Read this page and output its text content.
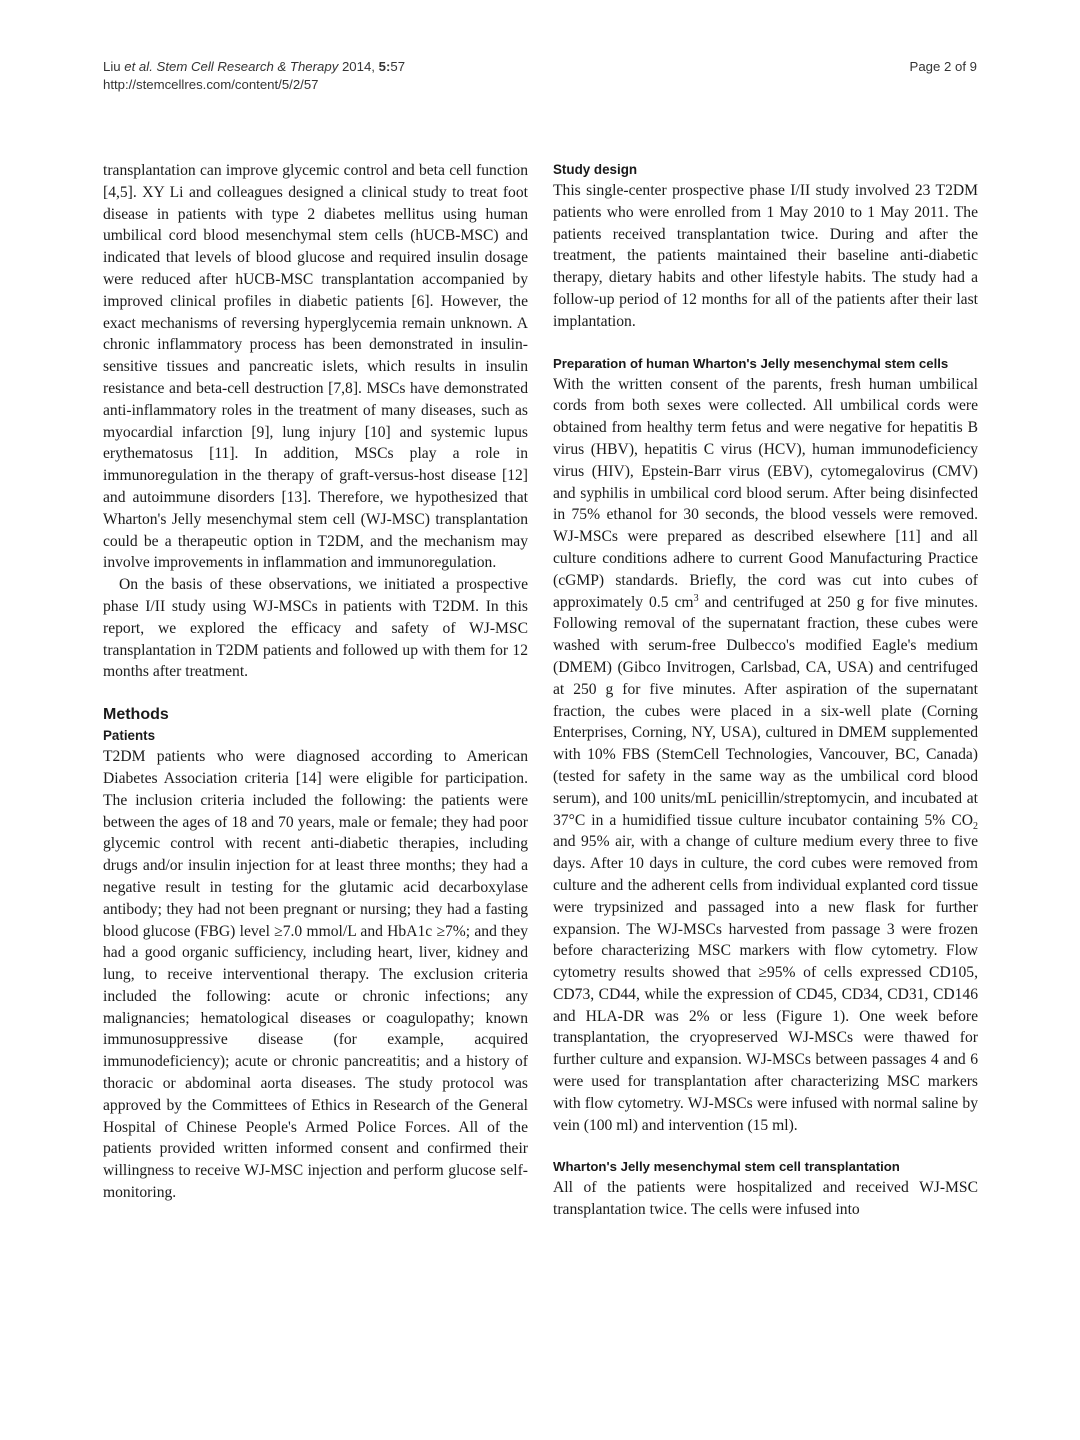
Liu et al. Stem Cell Research & Therapy 2014, 5:57
http://stemcellres.com/content/5/2/57
Page 2 of 9

transplantation can improve glycemic control and beta cell function [4,5]. XY Li and colleagues designed a clinical study to treat foot disease in patients with type 2 diabetes mellitus using human umbilical cord blood mesenchymal stem cells (hUCB-MSC) and indicated that levels of blood glucose and required insulin dosage were reduced after hUCB-MSC transplantation accompanied by improved clinical profiles in diabetic patients [6]. However, the exact mechanisms of reversing hyperglycemia remain unknown. A chronic inflammatory process has been demonstrated in insulin-sensitive tissues and pancreatic islets, which results in insulin resistance and beta-cell destruction [7,8]. MSCs have demonstrated anti-inflammatory roles in the treatment of many diseases, such as myocardial infarction [9], lung injury [10] and systemic lupus erythematosus [11]. In addition, MSCs play a role in immunoregulation in the therapy of graft-versus-host disease [12] and autoimmune disorders [13]. Therefore, we hypothesized that Wharton's Jelly mesenchymal stem cell (WJ-MSC) transplantation could be a therapeutic option in T2DM, and the mechanism may involve improvements in inflammation and immunoregulation.

On the basis of these observations, we initiated a prospective phase I/II study using WJ-MSCs in patients with T2DM. In this report, we explored the efficacy and safety of WJ-MSC transplantation in T2DM patients and followed up with them for 12 months after treatment.

Methods
Patients

T2DM patients who were diagnosed according to American Diabetes Association criteria [14] were eligible for participation. The inclusion criteria included the following: the patients were between the ages of 18 and 70 years, male or female; they had poor glycemic control with recent anti-diabetic therapies, including drugs and/or insulin injection for at least three months; they had a negative result in testing for the glutamic acid decarboxylase antibody; they had not been pregnant or nursing; they had a fasting blood glucose (FBG) level ≥7.0 mmol/L and HbA1c ≥7%; and they had a good organic sufficiency, including heart, liver, kidney and lung, to receive interventional therapy. The exclusion criteria included the following: acute or chronic infections; any malignancies; hematological diseases or coagulopathy; known immunosuppressive disease (for example, acquired immunodeficiency); acute or chronic pancreatitis; and a history of thoracic or abdominal aorta diseases. The study protocol was approved by the Committees of Ethics in Research of the General Hospital of Chinese People's Armed Police Forces. All of the patients provided written informed consent and confirmed their willingness to receive WJ-MSC injection and perform glucose self-monitoring.

Study design

This single-center prospective phase I/II study involved 23 T2DM patients who were enrolled from 1 May 2010 to 1 May 2011. The patients received transplantation twice. During and after the treatment, the patients maintained their baseline anti-diabetic therapy, dietary habits and other lifestyle habits. The study had a follow-up period of 12 months for all of the patients after their last implantation.

Preparation of human Wharton's Jelly mesenchymal stem cells

With the written consent of the parents, fresh human umbilical cords from both sexes were collected. All umbilical cords were obtained from healthy term fetus and were negative for hepatitis B virus (HBV), hepatitis C virus (HCV), human immunodeficiency virus (HIV), Epstein-Barr virus (EBV), cytomegalovirus (CMV) and syphilis in umbilical cord blood serum. After being disinfected in 75% ethanol for 30 seconds, the blood vessels were removed. WJ-MSCs were prepared as described elsewhere [11] and all culture conditions adhere to current Good Manufacturing Practice (cGMP) standards. Briefly, the cord was cut into cubes of approximately 0.5 $cm^3$ and centrifuged at 250 g for five minutes. Following removal of the supernatant fraction, these cubes were washed with serum-free Dulbecco's modified Eagle's medium (DMEM) (Gibco Invitrogen, Carlsbad, CA, USA) and centrifuged at 250 g for five minutes. After aspiration of the supernatant fraction, the cubes were placed in a six-well plate (Corning Enterprises, Corning, NY, USA), cultured in DMEM supplemented with 10% FBS (StemCell Technologies, Vancouver, BC, Canada) (tested for safety in the same way as the umbilical cord blood serum), and 100 units/mL penicillin/streptomycin, and incubated at 37°C in a humidified tissue culture incubator containing 5% $CO_2$ and 95% air, with a change of culture medium every three to five days. After 10 days in culture, the cord cubes were removed from culture and the adherent cells from individual explanted cord tissue were trypsinized and passaged into a new flask for further expansion. The WJ-MSCs harvested from passage 3 were frozen before characterizing MSC markers with flow cytometry. Flow cytometry results showed that ≥95% of cells expressed CD105, CD73, CD44, while the expression of CD45, CD34, CD31, CD146 and HLA-DR was 2% or less (Figure 1). One week before transplantation, the cryopreserved WJ-MSCs were thawed for further culture and expansion. WJ-MSCs between passages 4 and 6 were used for transplantation after characterizing MSC markers with flow cytometry. WJ-MSCs were infused with normal saline by vein (100 ml) and intervention (15 ml).

Wharton's Jelly mesenchymal stem cell transplantation

All of the patients were hospitalized and received WJ-MSC transplantation twice. The cells were infused into
